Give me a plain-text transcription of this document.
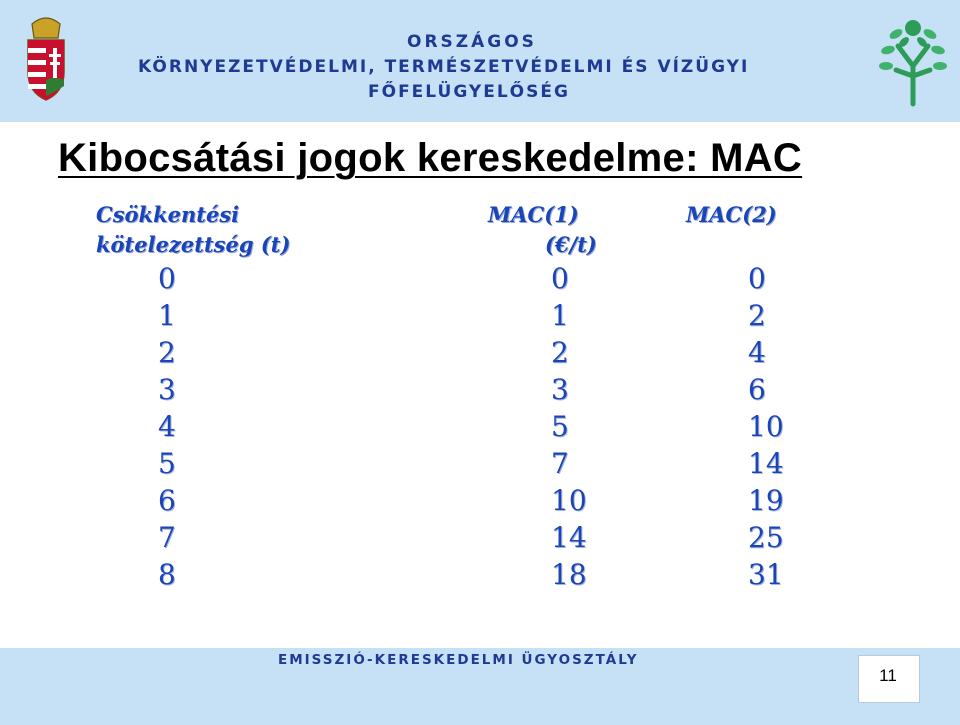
ORSZÁGOS
KÖRNYEZETVÉDELMI, TERMÉSZETVÉDELMI ÉS VÍZÜGYI
FŐFELÜGYELŐSÉG
Kibocsátási jogok kereskedelme: MAC
Csökkentési
kötelezettség (t)
MAC(1)
(€/t)
MAC(2)
0
1
2
3
4
5
6
7
8
0
1
2
3
5
7
10
14
18
0
2
4
6
10
14
19
25
31
EMISSZIÓ-KERESKEDELMI ÜGYOSZTÁLY
11
